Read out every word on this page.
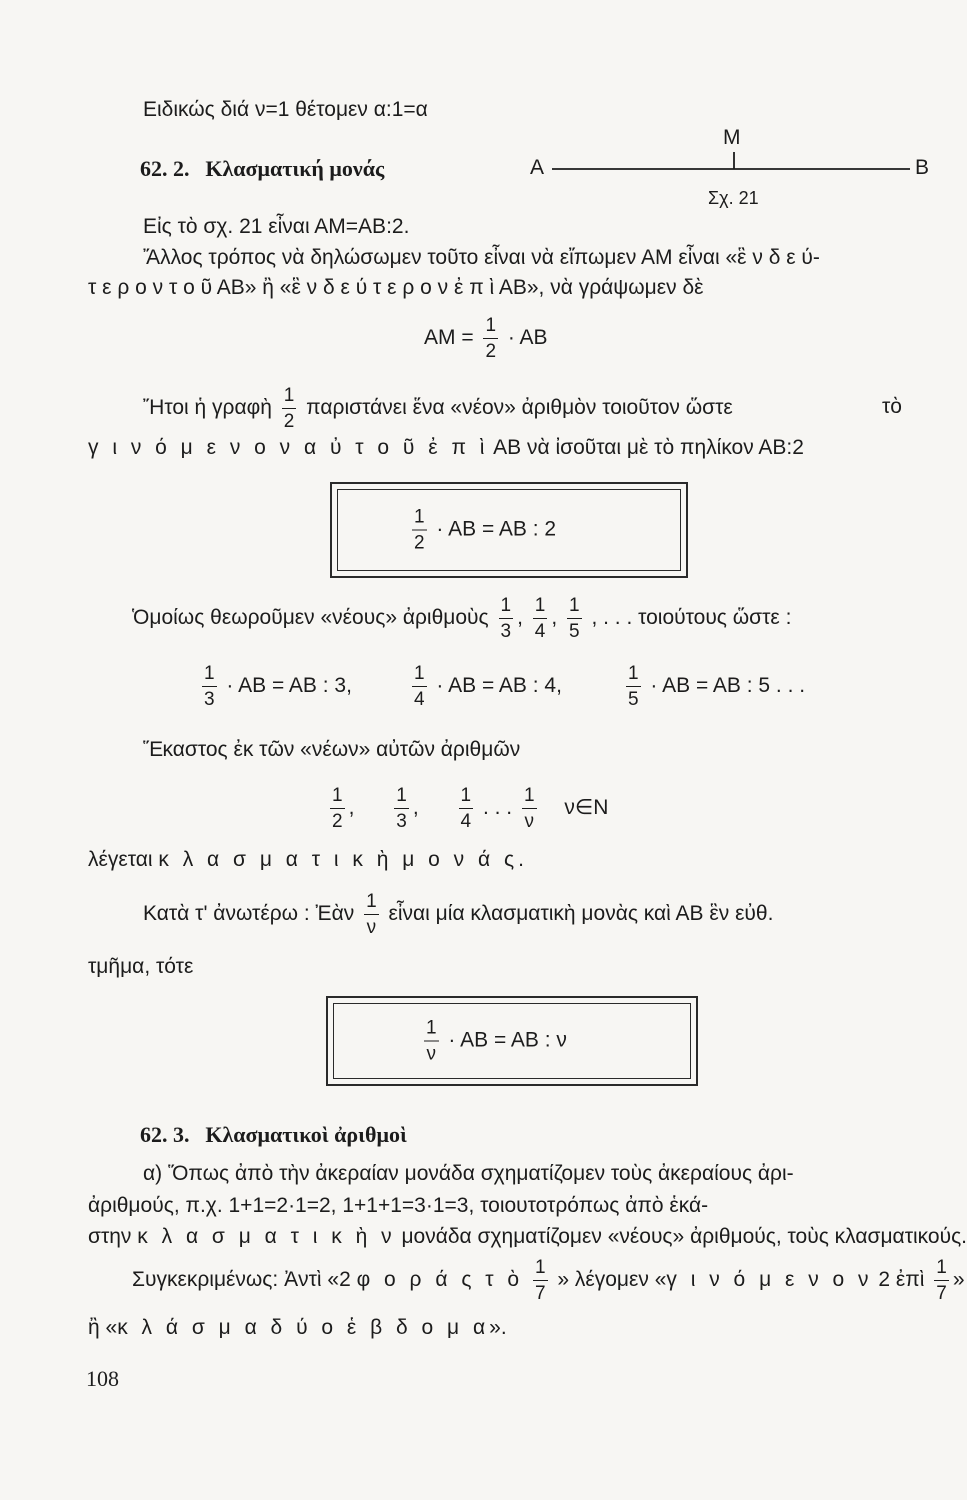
Ειδικώς διά ν=1 θέτομεν α:1=α
62. 2. Κλασματική μονάς	Α
Μ
Β
Σχ. 21
Εἰς τὸ σχ. 21 εἶναι ΑΜ=ΑΒ:2.
Ἄλλος τρόπος νὰ δηλώσωμεν τοῦτο εἶναι νὰ εἴπωμεν ΑΜ εἶναι «ἓ ν δ ε ύ-
τ ε ρ ο ν τ ο ῦ ΑΒ» ἢ «ἓ ν δ ε ύ τ ε ρ ο ν ἐ π ὶ ΑΒ», νὰ γράψωμεν δὲ
$AM = \frac{1}{2} \cdot AB$
Ἤτοι ἡ γραφὴ $\frac{1}{2}$ παριστάνει ἕνα «νέον» ἀριθμὸν τοιοῦτον ὥστε	τὸ
γ ι ν ό μ ε ν ο ν α ὐ τ ο ῦ ἐ π ὶ ΑΒ νὰ ἰσοῦται μὲ τὸ πηλίκον ΑΒ:2
$\frac{1}{2} \cdot AB = AB$ : 2
Ὁμοίως θεωροῦμεν «νέους» ἀριθμοὺς $\frac{1}{3}$ , $\frac{1}{4}$ , $\frac{1}{5}$ , . . . τοιούτους ὥστε :
$\frac{1}{3} \cdot AB = AB$ : 3,	$\frac{1}{4} \cdot AB = AB$ : 4,	$\frac{1}{5} \cdot AB = AB$ : 5 . . .
Ἕκαστος ἐκ τῶν «νέων» αὐτῶν ἀριθμῶν
$\frac{1}{2}$ , $\frac{1}{3}$ , $\frac{1}{4}$ . . . $\frac{1}{\nu}$ ν∈N
λέγεται κ λ α σ μ α τ ι κ ὴ μ ο ν ά ς.
Κατὰ τ' ἀνωτέρω : Ἐὰν $\frac{1}{\nu}$ εἶναι μία κλασματικὴ μονὰς καὶ ΑΒ ἓν εὐθ.
τμῆμα, τότε
$\frac{1}{\nu} \cdot AB = AB$ : ν
62. 3. Κλασματικοὶ ἀριθμοὶ
α) Ὅπως ἀπὸ τὴν ἀκεραίαν μονάδα σχηματίζομεν τοὺς ἀκεραίους ἀρι-
ἀριθμούς, π.χ. 1+1=2·1=2, 1+1+1=3·1=3, τοιουτοτρόπως ἀπὸ ἑκά-
στην κ λ α σ μ α τ ι κ ὴ ν μονάδα σχηματίζομεν «νέους» ἀριθμούς, τοὺς κλασματικούς.
Συγκεκριμένως: Ἀντὶ «2 φ ο ρ ά ς τ ὸ $\frac{1}{7}$ » λέγομεν «γ ι ν ό μ ε ν ο ν 2 ἐπὶ $\frac{1}{7}$ »
ἢ «κ λ ά σ μ α δ ύ ο ἑ β δ ο μ α».
108
